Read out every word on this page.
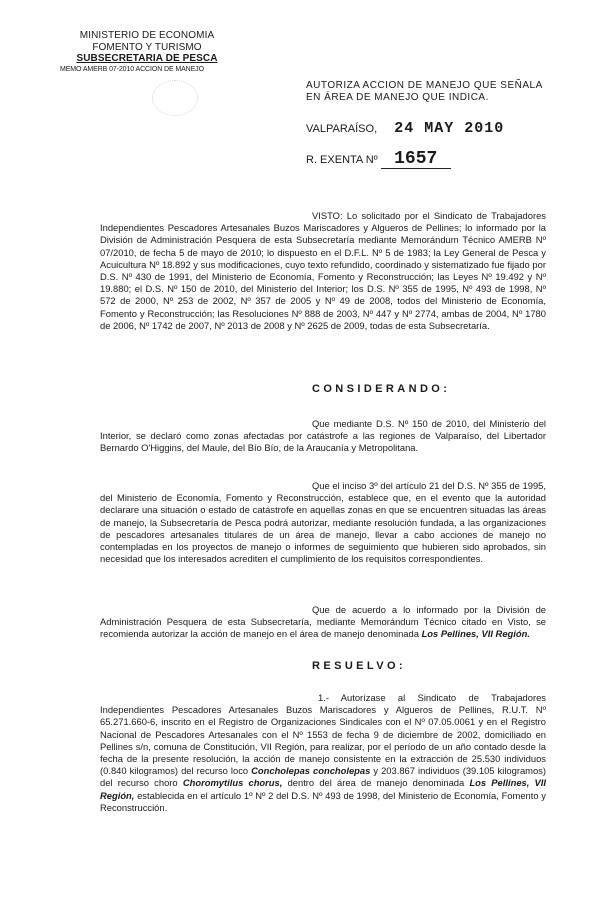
MINISTERIO DE ECONOMIA
FOMENTO Y TURISMO
SUBSECRETARIA DE PESCA
MEMO AMERB 07-2010 ACCION DE MANEJO
AUTORIZA ACCION DE MANEJO QUE SEÑALA EN ÁREA DE MANEJO QUE INDICA.
VALPARAÍSO, 24 MAY 2010
R. EXENTA Nº 1657
VISTO: Lo solicitado por el Sindicato de Trabajadores Independientes Pescadores Artesanales Buzos Mariscadores y Algueros de Pellines; lo informado por la División de Administración Pesquera de esta Subsecretaría mediante Memorándum Técnico AMERB Nº 07/2010, de fecha 5 de mayo de 2010; lo dispuesto en el D.F.L. Nº 5 de 1983; la Ley General de Pesca y Acuicultura Nº 18.892 y sus modificaciones, cuyo texto refundido, coordinado y sistematizado fue fijado por D.S. Nº 430 de 1991, del Ministerio de Economía, Fomento y Reconstrucción; las Leyes Nº 19.492 y Nº 19.880; el D.S. Nº 150 de 2010, del Ministerio del Interior; los D.S. Nº 355 de 1995, Nº 493 de 1998, Nº 572 de 2000, Nº 253 de 2002, Nº 357 de 2005 y Nº 49 de 2008, todos del Ministerio de Economía, Fomento y Reconstrucción; las Resoluciones Nº 888 de 2003, Nº 447 y Nº 2774, ambas de 2004, Nº 1780 de 2006, Nº 1742 de 2007, Nº 2013 de 2008 y Nº 2625 de 2009, todas de esta Subsecretaría.
CONSIDERANDO:
Que mediante D.S. Nº 150 de 2010, del Ministerio del Interior, se declaró como zonas afectadas por catástrofe a las regiones de Valparaíso, del Libertador Bernardo O'Higgins, del Maule, del Bío Bío, de la Araucanía y Metropolitana.
Que el inciso 3º del artículo 21 del D.S. Nº 355 de 1995, del Ministerio de Economía, Fomento y Reconstrucción, establece que, en el evento que la autoridad declarare una situación o estado de catástrofe en aquellas zonas en que se encuentren situadas las áreas de manejo, la Subsecretaría de Pesca podrá autorizar, mediante resolución fundada, a las organizaciones de pescadores artesanales titulares de un área de manejo, llevar a cabo acciones de manejo no contempladas en los proyectos de manejo o informes de seguimiento que hubieren sido aprobados, sin necesidad que los interesados acrediten el cumplimiento de los requisitos correspondientes.
Que de acuerdo a lo informado por la División de Administración Pesquera de esta Subsecretaría, mediante Memorándum Técnico citado en Visto, se recomienda autorizar la acción de manejo en el área de manejo denominada Los Pellines, VII Región.
RESUELVO:
1.- Autorízase al Sindicato de Trabajadores Independientes Pescadores Artesanales Buzos Mariscadores y Algueros de Pellines, R.U.T. Nº 65.271.660-6, inscrito en el Registro de Organizaciones Sindicales con el Nº 07.05.0061 y en el Registro Nacional de Pescadores Artesanales con el Nº 1553 de fecha 9 de diciembre de 2002, domiciliado en Pellines s/n, comuna de Constitución, VII Región, para realizar, por el período de un año contado desde la fecha de la presente resolución, la acción de manejo consistente en la extracción de 25.530 individuos (0.840 kilogramos) del recurso loco Concholepas concholepas y 203.867 individuos (39.105 kilogramos) del recurso choro Choromytilus chorus, dentro del área de manejo denominada Los Pellines, VII Región, establecida en el artículo 1º Nº 2 del D.S. Nº 493 de 1998, del Ministerio de Economía, Fomento y Reconstrucción.
